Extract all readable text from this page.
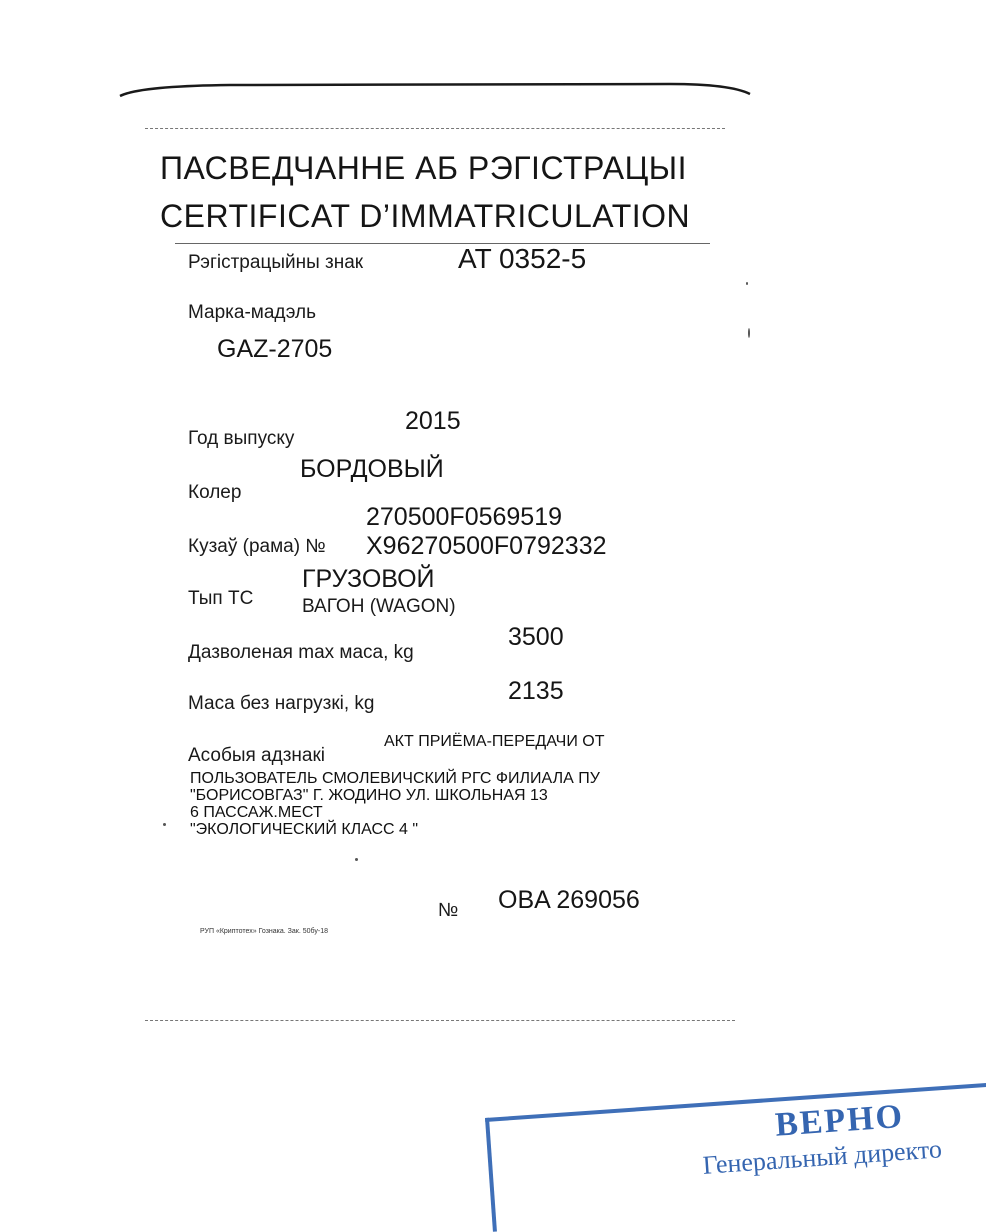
ПАСВЕДЧАННЕ АБ РЭГІСТРАЦЫІ
CERTIFICAT D’IMMATRICULATION
Рэгістрацыйны знак	AT 0352-5
Марка-мадэль
GAZ-2705
2015
Год выпуску
БОРДОВЫЙ
Колер
270500F0569519
Кузаў (рама) № X96270500F0792332
ГРУЗОВОЙ
Тып ТС	ВАГОН (WAGON)
3500
Дазволеная max маса, kg
2135
Маса без нагрузкі, kg
АКТ ПРИЁМА-ПЕРЕДАЧИ ОТ
Асобыя адзнакі
ПОЛЬЗОВАТЕЛЬ СМОЛЕВИЧСКИЙ РГС ФИЛИАЛА ПУ
"БОРИСОВГАЗ" Г. ЖОДИНО УЛ. ШКОЛЬНАЯ 13
6 ПАССАЖ.МЕСТ
"ЭКОЛОГИЧЕСКИЙ КЛАСС 4 "
№ OBA 269056
РУП «Криптотех» Гознака. Зак. 50бу-18
ВЕРНО
Генеральный директо
